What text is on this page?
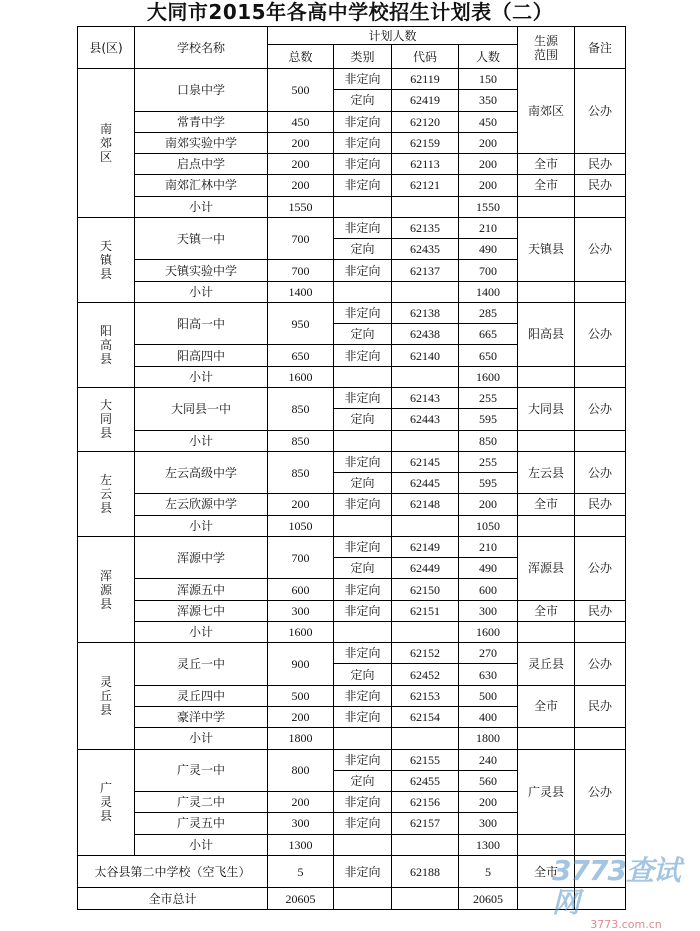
大同市2015年各高中学校招生计划表（二）
县(区)	学校名称	计划人数				生源范围	备注
		总数	类别	代码	人数		
南郊区	口泉中学	500	非定向	62119	150	南郊区	公办
			定向	62419	350		
	常青中学	450	非定向	62120	450		
	南郊实验中学	200	非定向	62159	200		
	启点中学	200	非定向	62113	200	全市	民办
	南郊汇林中学	200	非定向	62121	200	全市	民办
	小计	1550			1550		
天镇县	天镇一中	700	非定向	62135	210	天镇县	公办
			定向	62435	490		
	天镇实验中学	700	非定向	62137	700		
	小计	1400			1400		
阳高县	阳高一中	950	非定向	62138	285	阳高县	公办
			定向	62438	665		
	阳高四中	650	非定向	62140	650		
	小计	1600			1600		
大同县	大同县一中	850	非定向	62143	255	大同县	公办
			定向	62443	595		
	小计	850			850		
左云县	左云高级中学	850	非定向	62145	255	左云县	公办
			定向	62445	595		
	左云欣源中学	200	非定向	62148	200	全市	民办
	小计	1050			1050		
浑源县	浑源中学	700	非定向	62149	210	浑源县	公办
			定向	62449	490		
	浑源五中	600	非定向	62150	600		
	浑源七中	300	非定向	62151	300	全市	民办
	小计	1600			1600		
灵丘县	灵丘一中	900	非定向	62152	270	灵丘县	公办
			定向	62452	630		
	灵丘四中	500	非定向	62153	500	全市	民办
	豪洋中学	200	非定向	62154	400		
	小计	1800			1800		
广灵县	广灵一中	800	非定向	62155	240	广灵县	公办
			定向	62455	560		
	广灵二中	200	非定向	62156	200		
	广灵五中	300	非定向	62157	300		
	小计	1300			1300		
太谷县第二中学校（空飞生）		5	非定向	62188	5	全市	
全市总计		20605			20605		
3773查试网
3773.com.cn
